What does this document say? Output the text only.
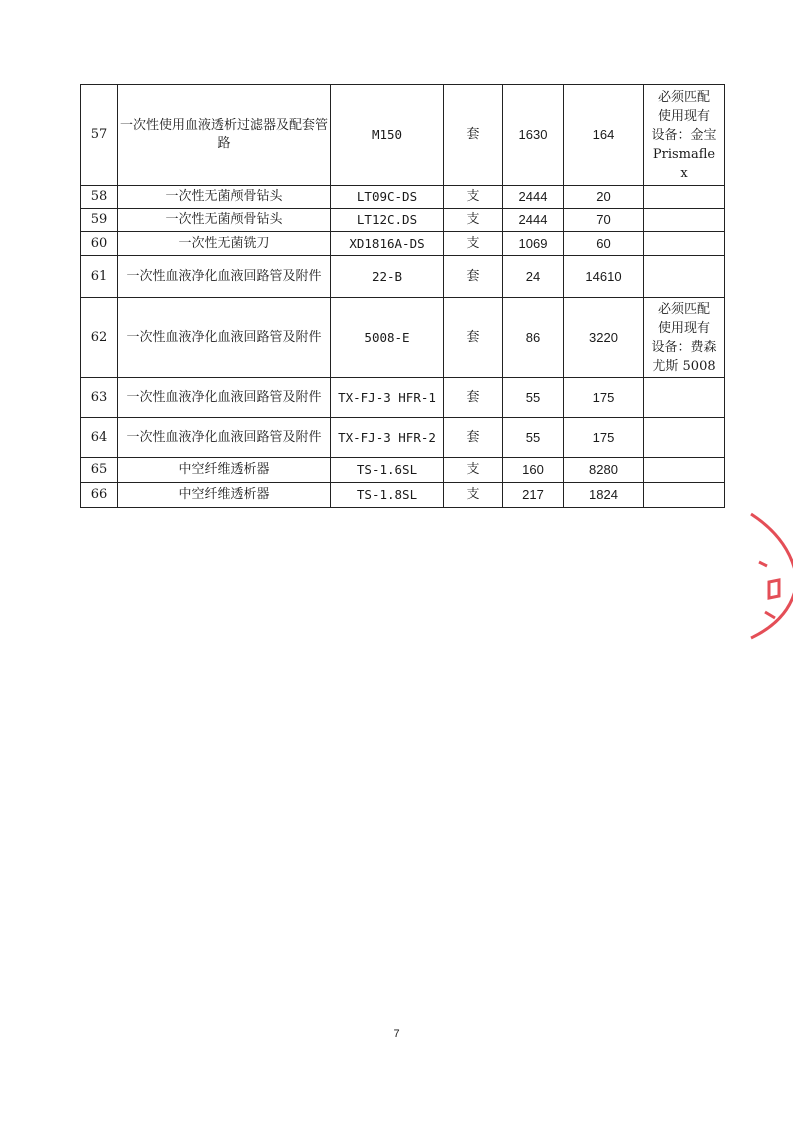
57	一次性使用血液透析过滤器及配套管路	M150	套	1630	164	必须匹配
使用现有
设备：金宝
Prismafle
x
58	一次性无菌颅骨钻头	LT09C-DS	支	2444	20	
59	一次性无菌颅骨钻头	LT12C.DS	支	2444	70	
60	一次性无菌铣刀	XD1816A-DS	支	1069	60	
61	一次性血液净化血液回路管及附件	22-B	套	24	14610	
62	一次性血液净化血液回路管及附件	5008-E	套	86	3220	必须匹配
使用现有
设备：费森
尤斯 5008
63	一次性血液净化血液回路管及附件	TX-FJ-3 HFR-1	套	55	175	
64	一次性血液净化血液回路管及附件	TX-FJ-3 HFR-2	套	55	175	
65	中空纤维透析器	TS-1.6SL	支	160	8280	
66	中空纤维透析器	TS-1.8SL	支	217	1824	
7
